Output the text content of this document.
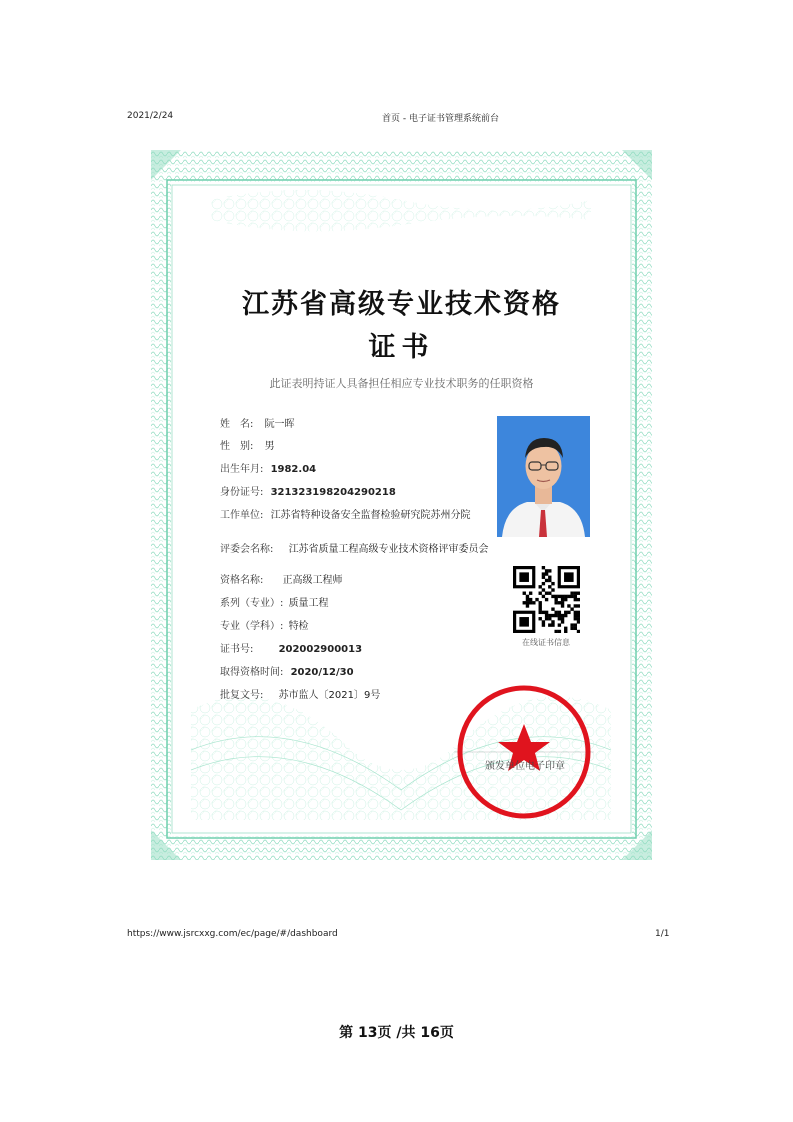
2021/2/24	首页 - 电子证书管理系统前台
江苏省高级专业技术资格
证书
此证表明持证人具备担任相应专业技术职务的任职资格
姓　名: 阮一晖
性　别: 男
出生年月: 1982.04
身份证号: 321323198204290218
工作单位: 江苏省特种设备安全监督检验研究院苏州分院
评委会名称: 江苏省质量工程高级专业技术资格评审委员会
资格名称: 正高级工程师
系列（专业）: 质量工程
专业（学科）: 特检
证书号:	202002900013
取得资格时间: 2020/12/30
批复文号: 苏市监人〔2021〕9号
在线证书信息
颁发单位电子印章
https://www.jsrcxxg.com/ec/page/#/dashboard	1/1
第 13页 /共 16页
